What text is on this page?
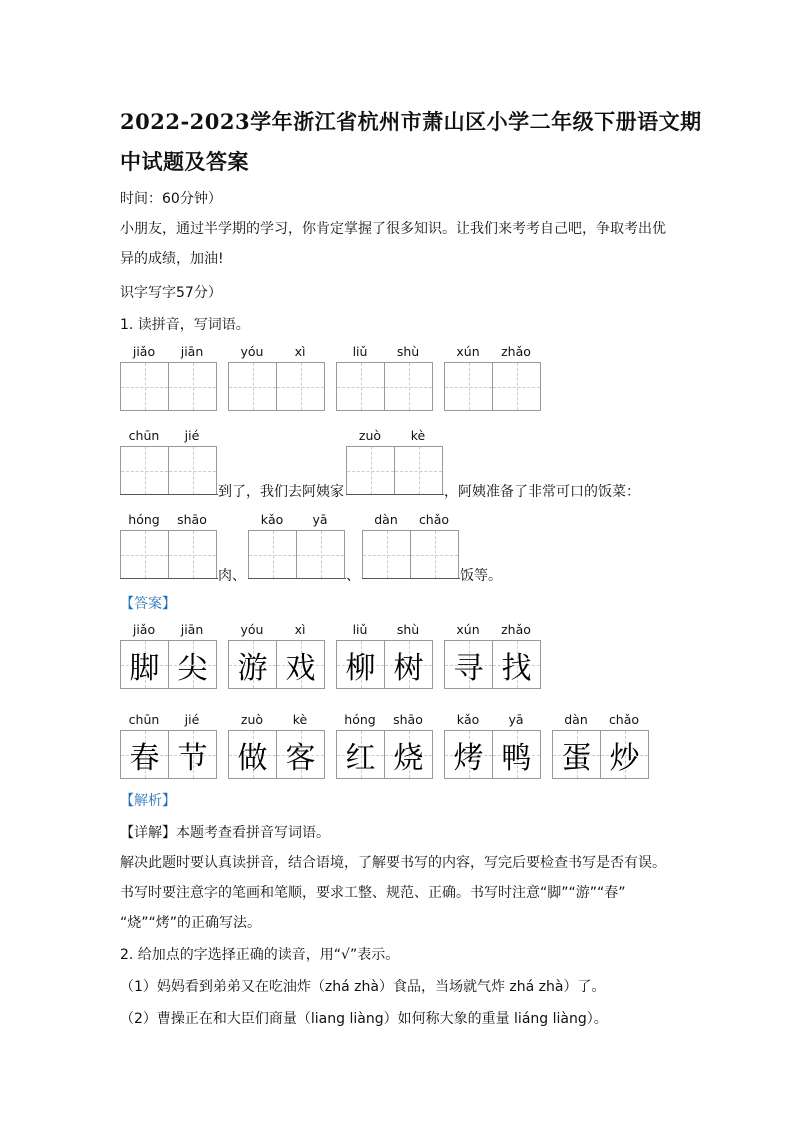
2022-2023学年浙江省杭州市萧山区小学二年级下册语文期
中试题及答案
时间：60分钟）
小朋友，通过半学期的学习，你肯定掌握了很多知识。让我们来考考自己吧，争取考出优
异的成绩，加油!
识字写字57分）
1. 读拼音，写词语。
jiǎo	jiān	yóu	xì	liǔ	shù	xún	zhǎo
chūn	jié
到了，我们去阿姨家
zuò	kè
，阿姨准备了非常可口的饭菜：
hóng	shāo
肉、
kǎo	yā
、
dàn	chǎo
饭等。
【答案】
jiǎo	jiān
脚 尖
yóu	xì
游 戏
liǔ	shù
柳 树
xún	zhǎo
寻 找
chūn	jié
春 节
zuò	kè
做 客
hóng	shāo
红 烧
kǎo	yā
烤 鸭
dàn	chǎo
蛋 炒
【解析】
【详解】本题考查看拼音写词语。
解决此题时要认真读拼音，结合语境，了解要书写的内容，写完后要检查书写是否有误。
书写时要注意字的笔画和笔顺，要求工整、规范、正确。书写时注意“脚”“游”“春”
“烧”“烤”的正确写法。
2. 给加点的字选择正确的读音，用“√”表示。
（1）妈妈看到弟弟又在吃油炸（zhá zhà）食品，当场就气炸 zhá zhà）了。
（2）曹操正在和大臣们商量（liang liàng）如何称大象的重量 liáng liàng）。
